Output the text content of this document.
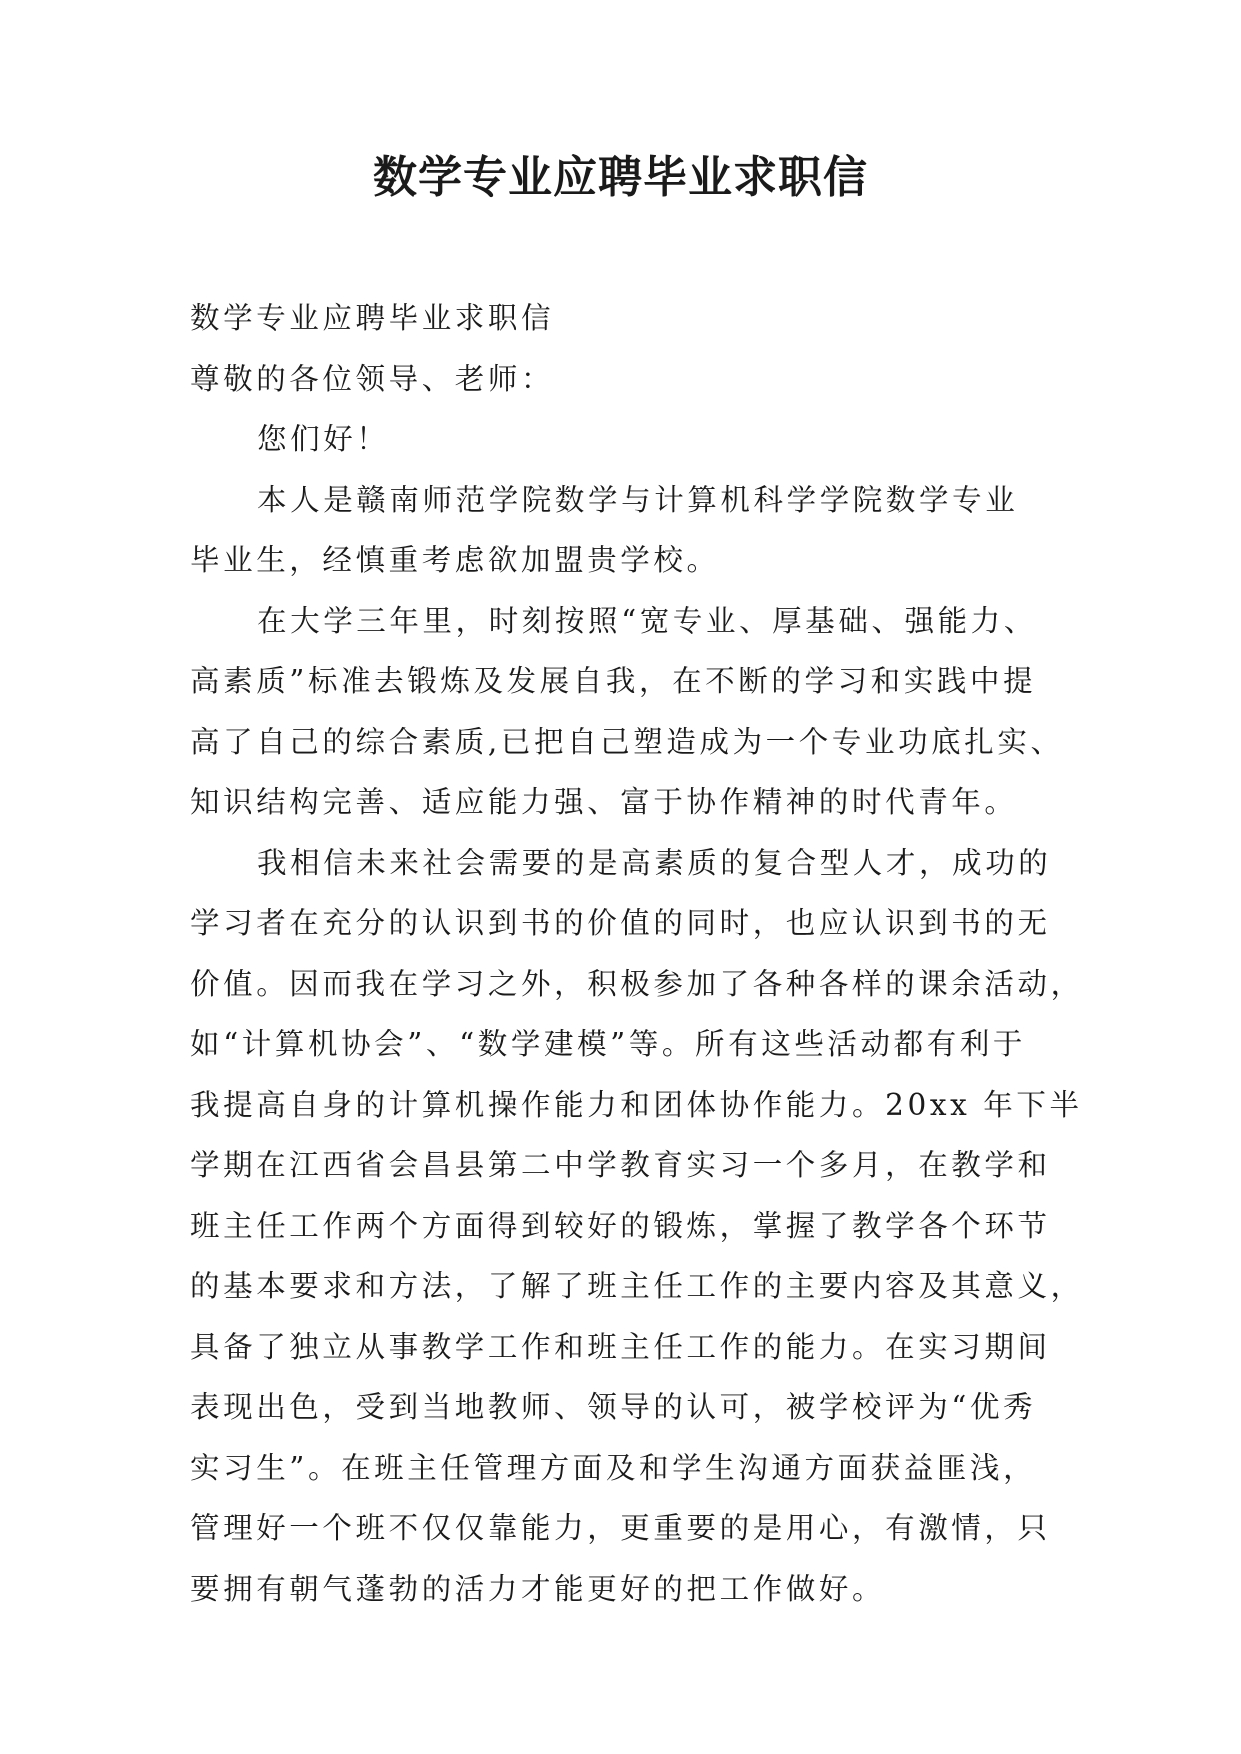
数学专业应聘毕业求职信
数学专业应聘毕业求职信
尊敬的各位领导、老师：
您们好！
本人是赣南师范学院数学与计算机科学学院数学专业
毕业生，经慎重考虑欲加盟贵学校。
在大学三年里，时刻按照“宽专业、厚基础、强能力、
高素质”标准去锻炼及发展自我，在不断的学习和实践中提
高了自己的综合素质,已把自己塑造成为一个专业功底扎实、
知识结构完善、适应能力强、富于协作精神的时代青年。
我相信未来社会需要的是高素质的复合型人才，成功的
学习者在充分的认识到书的价值的同时，也应认识到书的无
价值。因而我在学习之外，积极参加了各种各样的课余活动，
如“计算机协会”、“数学建模”等。所有这些活动都有利于
我提高自身的计算机操作能力和团体协作能力。20xx 年下半
学期在江西省会昌县第二中学教育实习一个多月，在教学和
班主任工作两个方面得到较好的锻炼，掌握了教学各个环节
的基本要求和方法，了解了班主任工作的主要内容及其意义，
具备了独立从事教学工作和班主任工作的能力。在实习期间
表现出色，受到当地教师、领导的认可，被学校评为“优秀
实习生”。在班主任管理方面及和学生沟通方面获益匪浅，
管理好一个班不仅仅靠能力，更重要的是用心，有激情，只
要拥有朝气蓬勃的活力才能更好的把工作做好。
